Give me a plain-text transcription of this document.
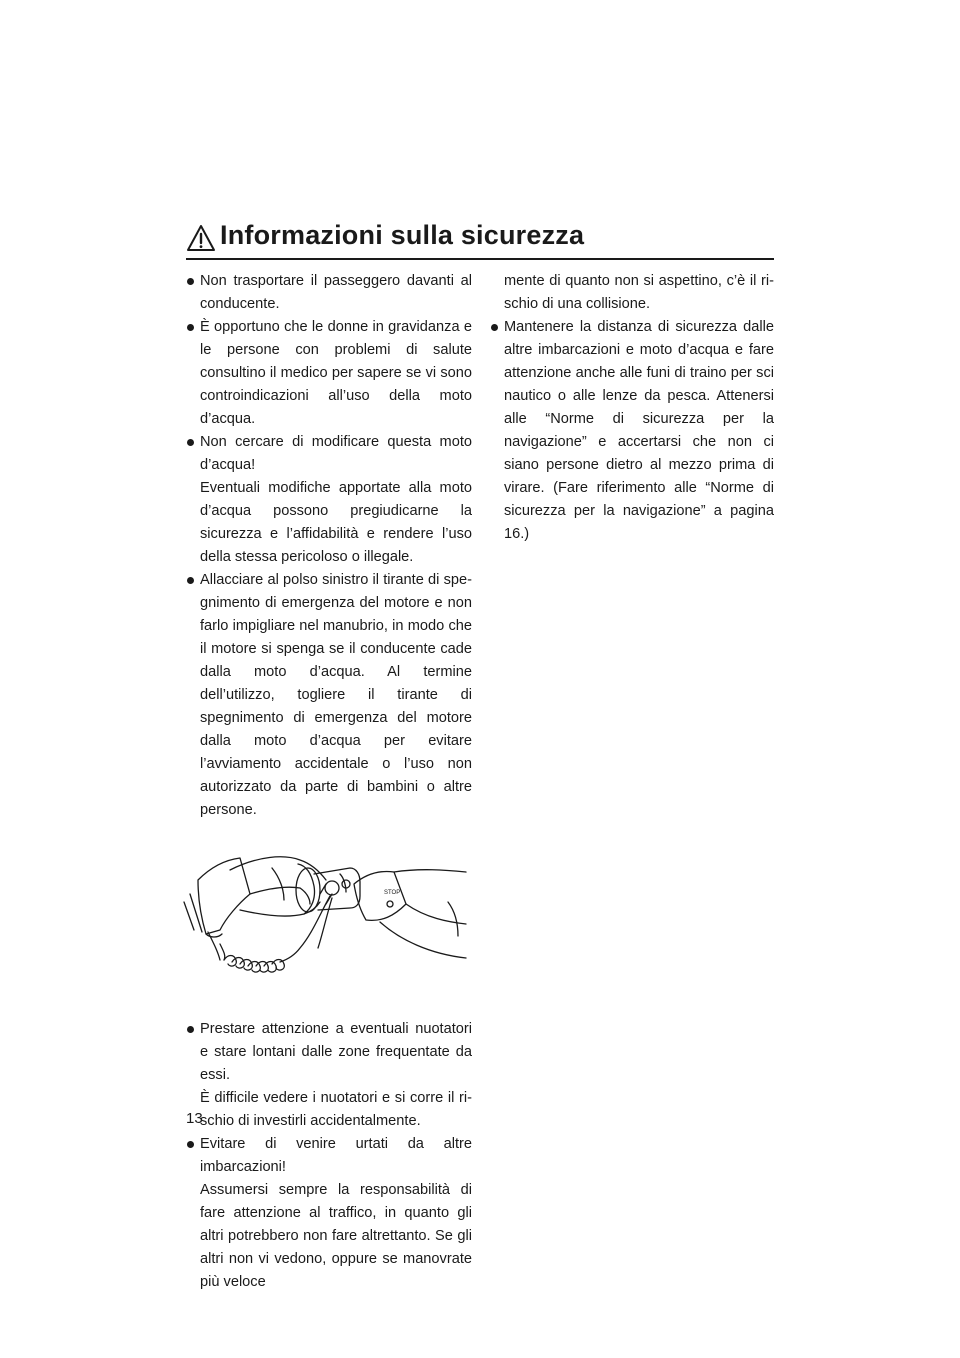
Informazioni sulla sicurezza
Non trasportare il passeggero davanti al conducente.
È opportuno che le donne in gravidanza e le persone con problemi di salute consultino il medico per sapere se vi sono controindicazioni all’uso della moto d’acqua.
Non cercare di modificare questa moto d’acqua!
Eventuali modifiche apportate alla moto d’acqua possono pregiudicarne la sicurezza e l’affidabilità e rendere l’uso della stessa pericoloso o illegale.
Allacciare al polso sinistro il tirante di spegnimento di emergenza del motore e non farlo impigliare nel manubrio, in modo che il motore si spenga se il conducente cade dalla moto d’acqua. Al termine dell’utilizzo, togliere il tirante di spegnimento di emergenza del motore dalla moto d’acqua per evitare l’avviamento accidentale o l’uso non autorizzato da parte di bambini o altre persone.
STOP
Prestare attenzione a eventuali nuotatori e stare lontani dalle zone frequentate da essi.
È difficile vedere i nuotatori e si corre il rischio di investirli accidentalmente.
Evitare di venire urtati da altre imbarcazioni!
Assumersi sempre la responsabilità di fare attenzione al traffico, in quanto gli altri potrebbero non fare altrettanto. Se gli altri non vi vedono, oppure se manovrate più veloce
mente di quanto non si aspettino, c’è il rischio di una collisione.
Mantenere la distanza di sicurezza dalle altre imbarcazioni e moto d’acqua e fare attenzione anche alle funi di traino per sci nautico o alle lenze da pesca. Attenersi alle “Norme di sicurezza per la navigazione” e accertarsi che non ci siano persone dietro al mezzo prima di virare. (Fare riferimento alle “Norme di sicurezza per la navigazione” a pagina 16.)
13
